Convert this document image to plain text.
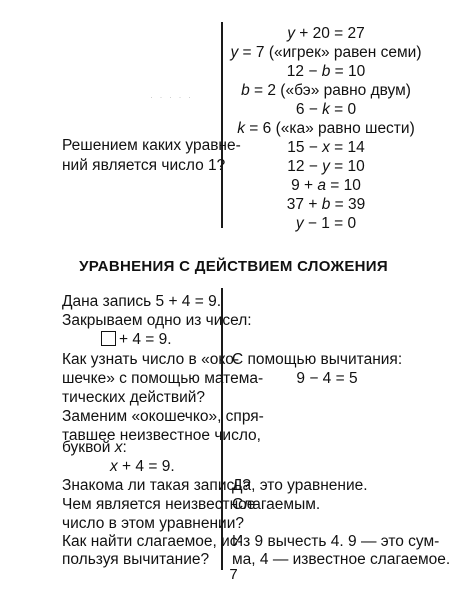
· · · · ·
Решением каких уравне-
ний является число 1?
y + 20 = 27
y = 7 («игрек» равен семи)
12 − b = 10
b = 2 («бэ» равно двум)
6 − k = 0
k = 6 («ка» равно шести)
15 − x = 14
12 − y = 10
9 + a = 10
37 + b = 39
y − 1 = 0
УРАВНЕНИЯ С ДЕЙСТВИЕМ СЛОЖЕНИЯ
Дана запись 5 + 4 = 9.
Закрываем одно из чисел:
+ 4 = 9.
Как узнать число в «око-
шечке» с помощью матема-
тических действий?
Заменим «окошечко», спря-
тавшее неизвестное число,
буквой x:
x + 4 = 9.
Знакома ли такая запись?
Чем является неизвестное
число в этом уравнении?
С помощью вычитания:
9 − 4 = 5
Да, это уравнение.
Слагаемым.
7
Как найти слагаемое, ис-
пользуя вычитание?
Из 9 вычесть 4. 9 — это сум-
ма, 4 — известное слагаемое.
